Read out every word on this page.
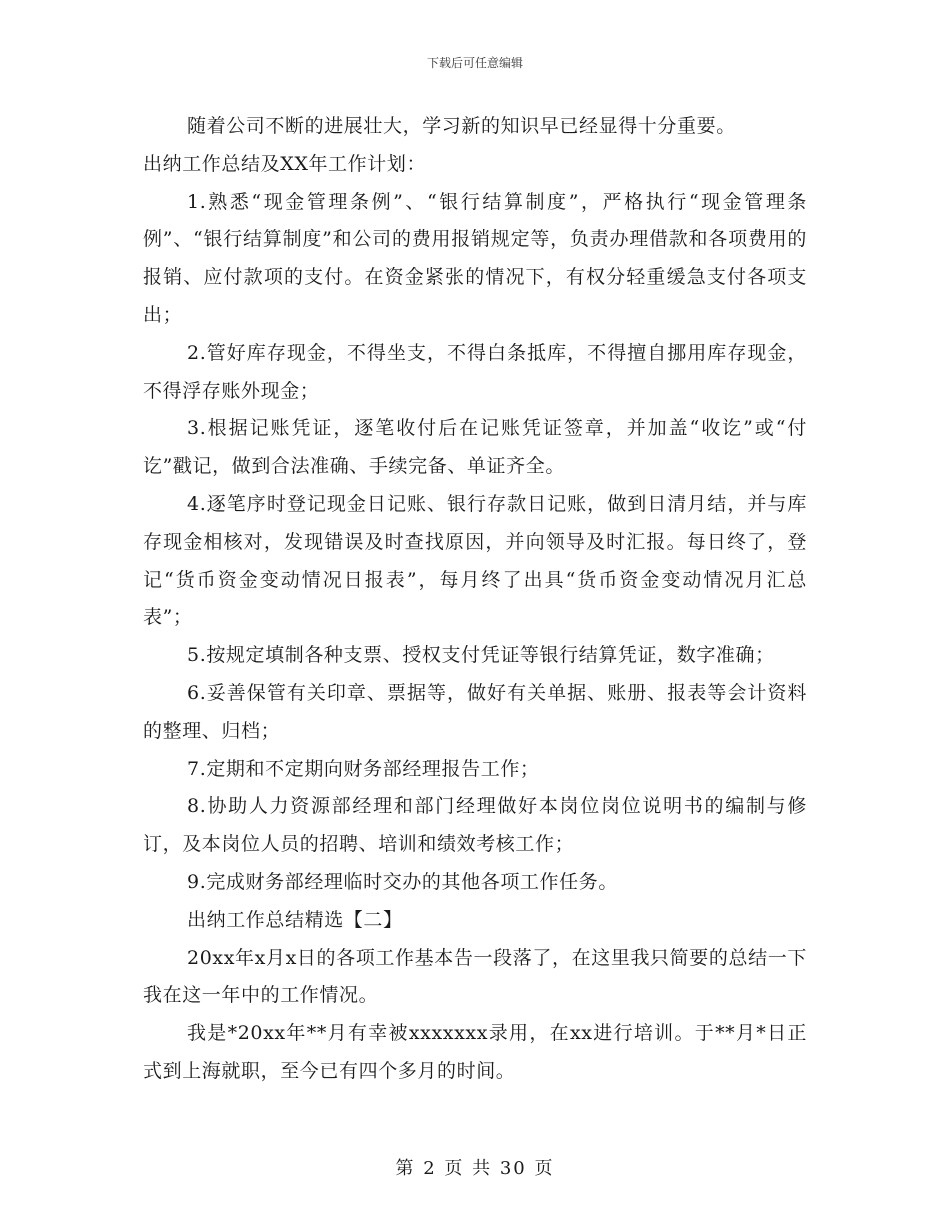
下载后可任意编辑

随着公司不断的进展壮大，学习新的知识早已经显得十分重要。

出纳工作总结及XX年工作计划：

1.熟悉“现金管理条例”、“银行结算制度”，严格执行“现金管理条例”、“银行结算制度”和公司的费用报销规定等，负责办理借款和各项费用的报销、应付款项的支付。在资金紧张的情况下，有权分轻重缓急支付各项支出；

2.管好库存现金，不得坐支，不得白条抵库，不得擅自挪用库存现金，不得浮存账外现金；

3.根据记账凭证，逐笔收付后在记账凭证签章，并加盖“收讫”或“付讫”戳记，做到合法准确、手续完备、单证齐全。

4.逐笔序时登记现金日记账、银行存款日记账，做到日清月结，并与库存现金相核对，发现错误及时查找原因，并向领导及时汇报。每日终了，登记“货币资金变动情况日报表”，每月终了出具“货币资金变动情况月汇总表”；

5.按规定填制各种支票、授权支付凭证等银行结算凭证，数字准确；

6.妥善保管有关印章、票据等，做好有关单据、账册、报表等会计资料的整理、归档；

7.定期和不定期向财务部经理报告工作；

8.协助人力资源部经理和部门经理做好本岗位岗位说明书的编制与修订，及本岗位人员的招聘、培训和绩效考核工作；

9.完成财务部经理临时交办的其他各项工作任务。

出纳工作总结精选【二】

20xx年x月x日的各项工作基本告一段落了，在这里我只简要的总结一下我在这一年中的工作情况。

我是*20xx年**月有幸被xxxxxxx录用，在xx进行培训。于**月*日正式到上海就职，至今已有四个多月的时间。

第 2 页 共 30 页
